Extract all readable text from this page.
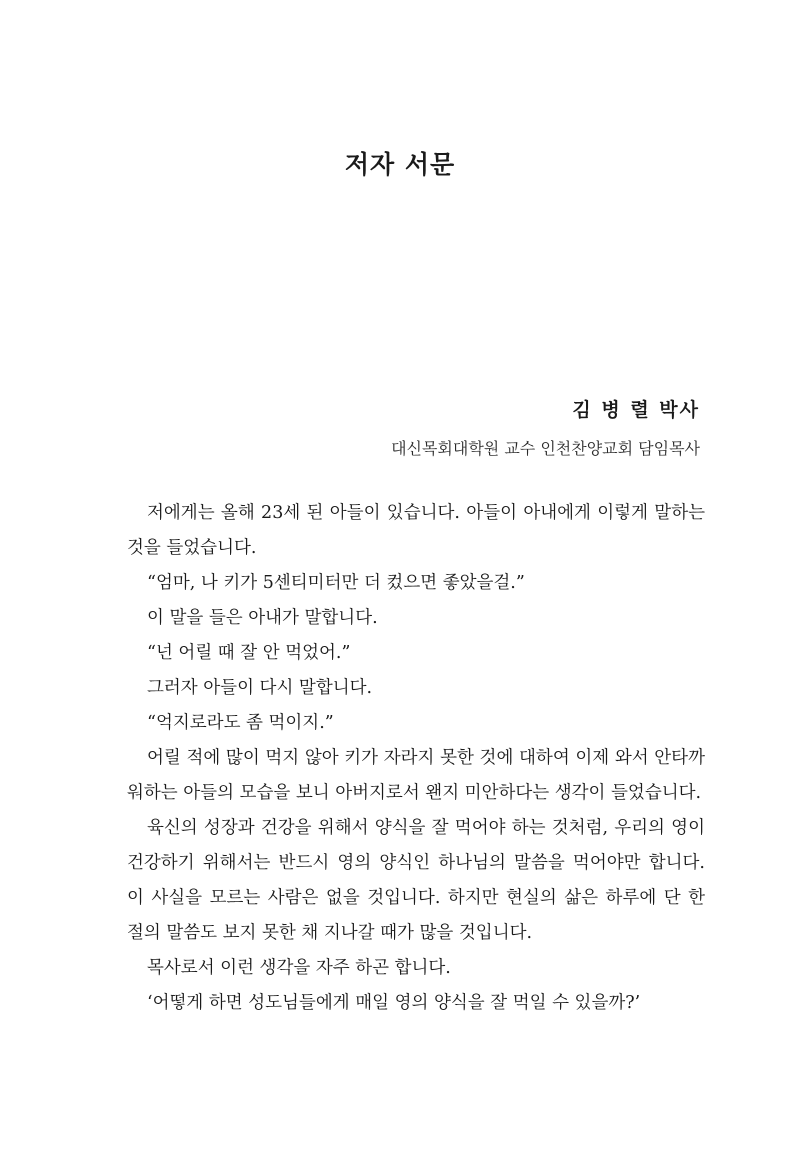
저자 서문

김 병 렬 박사

대신목회대학원 교수 인천찬양교회 담임목사

저에게는 올해 23세 된 아들이 있습니다. 아들이 아내에게 이렇게 말하는 것을 들었습니다.

“엄마, 나 키가 5센티미터만 더 컸으면 좋았을걸.”

이 말을 들은 아내가 말합니다.

“넌 어릴 때 잘 안 먹었어.”

그러자 아들이 다시 말합니다.

“억지로라도 좀 먹이지.”

어릴 적에 많이 먹지 않아 키가 자라지 못한 것에 대하여 이제 와서 안타까워하는 아들의 모습을 보니 아버지로서 왠지 미안하다는 생각이 들었습니다.

육신의 성장과 건강을 위해서 양식을 잘 먹어야 하는 것처럼, 우리의 영이 건강하기 위해서는 반드시 영의 양식인 하나님의 말씀을 먹어야만 합니다. 이 사실을 모르는 사람은 없을 것입니다. 하지만 현실의 삶은 하루에 단 한 절의 말씀도 보지 못한 채 지나갈 때가 많을 것입니다.

목사로서 이런 생각을 자주 하곤 합니다.

‘어떻게 하면 성도님들에게 매일 영의 양식을 잘 먹일 수 있을까?’
